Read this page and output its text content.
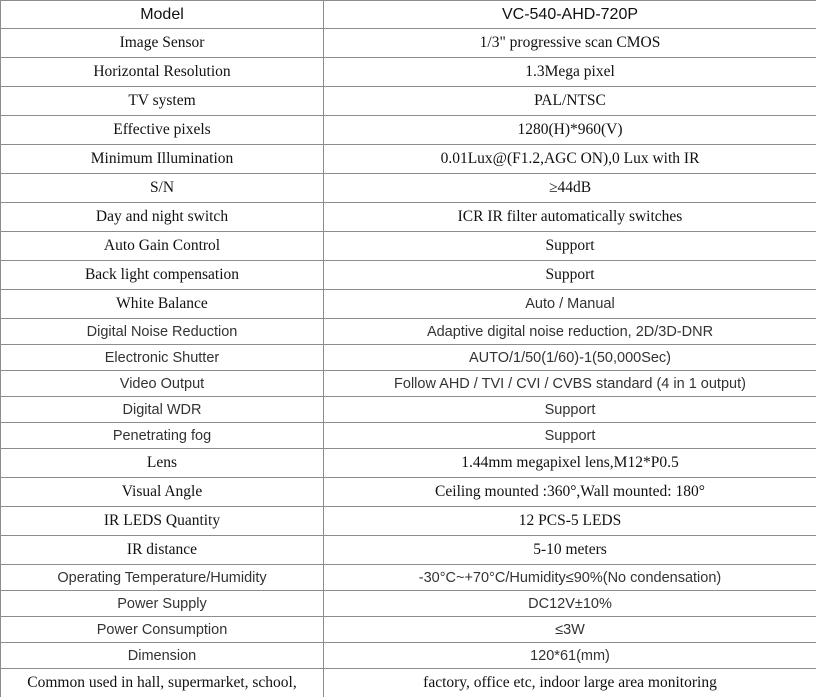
Model	VC-540-AHD-720P
Image Sensor	1/3" progressive scan CMOS
Horizontal Resolution	1.3Mega pixel
TV system	PAL/NTSC
Effective pixels	1280(H)*960(V)
Minimum Illumination	0.01Lux@(F1.2,AGC ON),0 Lux with IR
S/N	≥44dB
Day and night switch	ICR IR filter automatically switches
Auto Gain Control	Support
Back light compensation	Support
White Balance	Auto / Manual
Digital Noise Reduction	Adaptive digital noise reduction, 2D/3D-DNR
Electronic Shutter	AUTO/1/50(1/60)-1(50,000Sec)
Video Output	Follow AHD / TVI / CVI / CVBS standard (4 in 1 output)
Digital WDR	Support
Penetrating fog	Support
Lens	1.44mm megapixel lens,M12*P0.5
Visual Angle	Ceiling mounted :360°,Wall mounted: 180°
IR LEDS Quantity	12 PCS-5 LEDS
IR distance	5-10 meters
Operating Temperature/Humidity	-30°C~+70°C/Humidity≤90%(No condensation)
Power Supply	DC12V±10%
Power Consumption	≤3W
Dimension	120*61(mm)
Common used in hall, supermarket, school,	factory, office etc, indoor large area monitoring
